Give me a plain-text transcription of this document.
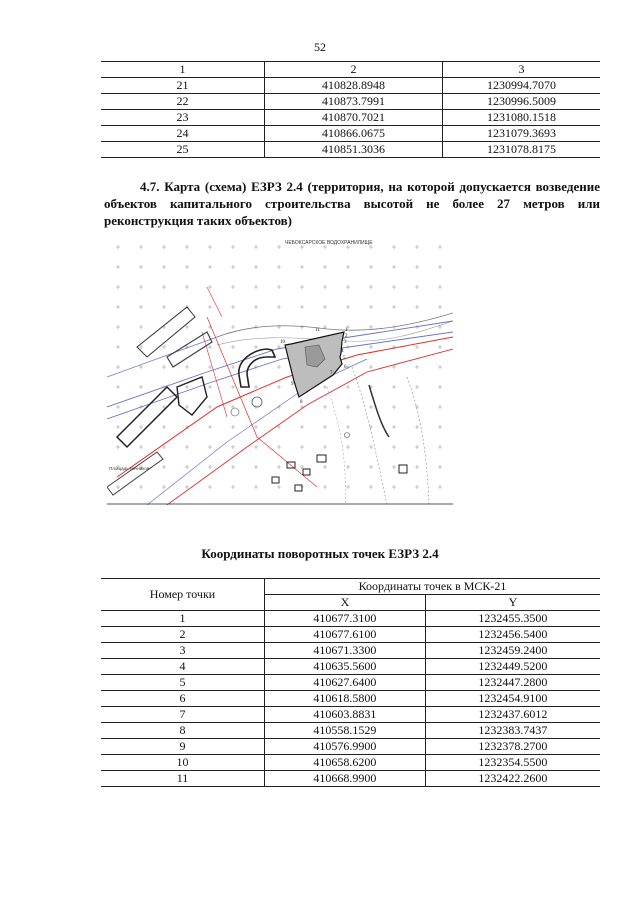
52
1	2	3
21	410828.8948	1230994.7070
22	410873.7991	1230996.5009
23	410870.7021	1231080.1518
24	410866.0675	1231079.3693
25	410851.3036	1231078.8175
4.7. Карта (схема) ЕЗРЗ 2.4 (территория, на которой допускается возведение объектов капитального строительства высотой не более 27 метров или реконструкция таких объектов)
ЧЕБОКСАРСКОЕ ВОДОХРАНИЛИЩЕ
1
2
3
4
5
6
7
8
9
10
11
Площадь Речников
Координаты поворотных точек ЕЗРЗ 2.4
Номер точки	Координаты точек в МСК-21	
	X	Y
1	410677.3100	1232455.3500
2	410677.6100	1232456.5400
3	410671.3300	1232459.2400
4	410635.5600	1232449.5200
5	410627.6400	1232447.2800
6	410618.5800	1232454.9100
7	410603.8831	1232437.6012
8	410558.1529	1232383.7437
9	410576.9900	1232378.2700
10	410658.6200	1232354.5500
11	410668.9900	1232422.2600
